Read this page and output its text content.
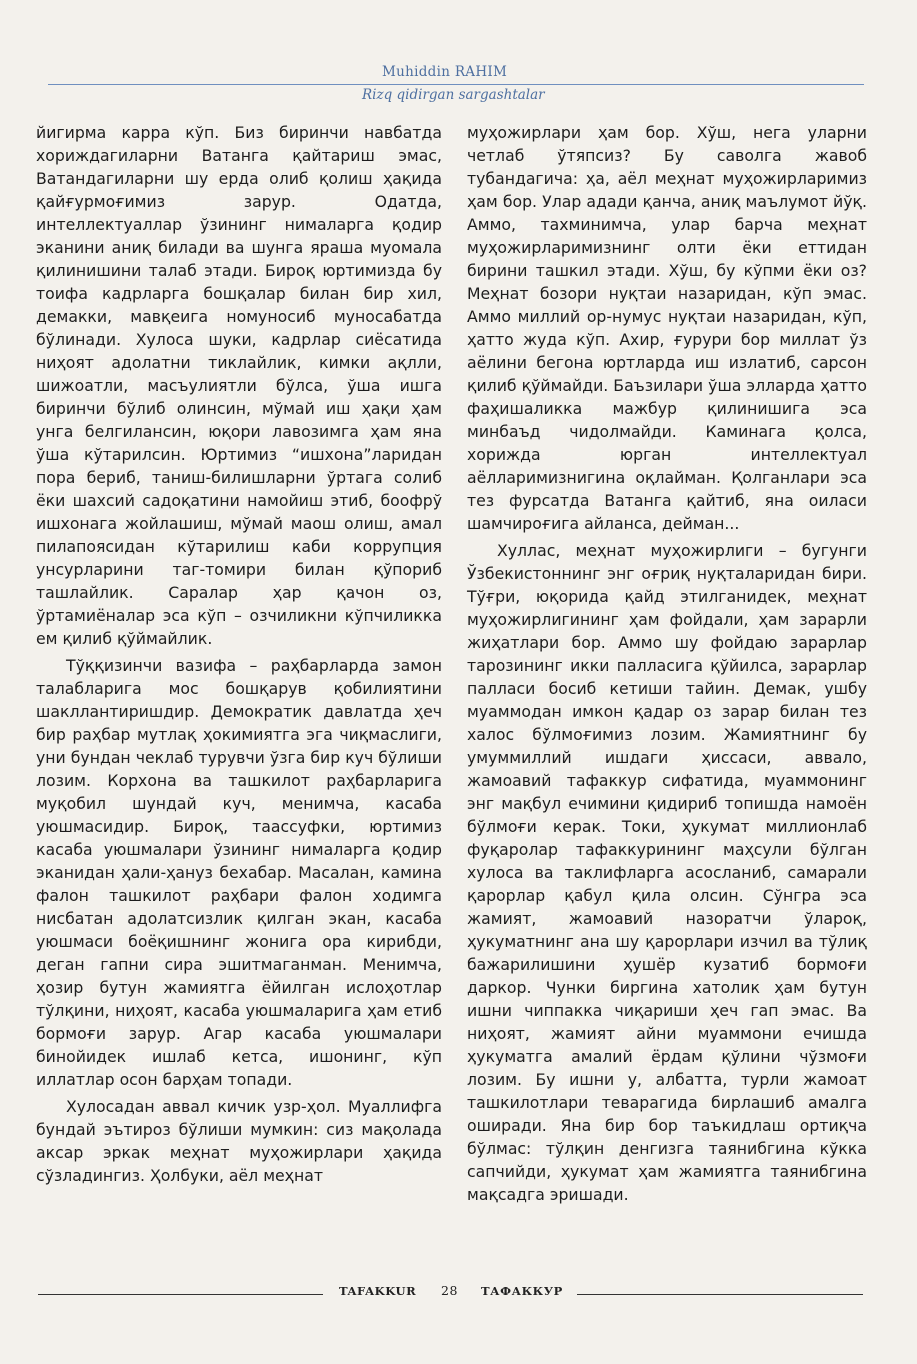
Muhiddin RAHIM
Rizq qidirgan sargashtalar

йигирма карра кўп. Биз биринчи навбатда хориждагиларни Ватанга қайтариш эмас, Ватандагиларни шу ерда олиб қолиш ҳақида қайғурмоғимиз зарур. Одатда, интеллектуаллар ўзининг нималарга қодир эканини аниқ билади ва шунга яраша муомала қилинишини талаб этади. Бироқ юртимизда бу тоифа кадрларга бошқалар билан бир хил, демакки, мавқеига номуносиб муносабатда бўлинади. Хулоса шуки, кадрлар сиёсатида ниҳоят адолатни тиклайлик, кимки ақлли, шижоатли, масъулиятли бўлса, ўша ишга биринчи бўлиб олинсин, мўмай иш ҳақи ҳам унга белгилансин, юқори лавозимга ҳам яна ўша кўтарилсин. Юртимиз “ишхона”ларидан пора бериб, таниш-билишларни ўртага солиб ёки шахсий садоқатини намойиш этиб, боофрў ишхонага жойлашиш, мўмай маош олиш, амал пилапоясидан кўтарилиш каби коррупция унсурларини таг-томири билан қўпориб ташлайлик. Саралар ҳар қачон оз, ўртамиёналар эса кўп – озчиликни кўпчиликка ем қилиб қўймайлик.

Тўққизинчи вазифа – раҳбарларда замон талабларига мос бошқарув қобилиятини шакллантиришдир. Демократик давлатда ҳеч бир раҳбар мутлақ ҳокимиятга эга чиқмаслиги, уни бундан чеклаб турувчи ўзга бир куч бўлиши лозим. Корхона ва ташкилот раҳбарларига муқобил шундай куч, менимча, касаба уюшмасидир. Бироқ, таассуфки, юртимиз касаба уюшмалари ўзининг нималарга қодир эканидан ҳали-ҳануз бехабар. Масалан, камина фалон ташкилот раҳбари фалон ходимга нисбатан адолатсизлик қилган экан, касаба уюшмаси боёқишнинг жонига ора кирибди, деган гапни сира эшитмаганман. Менимча, ҳозир бутун жамиятга ёйилган ислоҳотлар тўлқини, ниҳоят, касаба уюшмаларига ҳам етиб бормоғи зарур. Агар касаба уюшмалари бинойидек ишлаб кетса, ишонинг, кўп иллатлар осон барҳам топади.

Хулосадан аввал кичик узр-ҳол. Муаллифга бундай эътироз бўлиши мумкин: сиз мақолада аксар эркак меҳнат муҳожирлари ҳақида сўзладингиз. Ҳолбуки, аёл меҳнат

муҳожирлари ҳам бор. Хўш, нега уларни четлаб ўтяпсиз? Бу саволга жавоб тубандагича: ҳа, аёл меҳнат муҳожирларимиз ҳам бор. Улар адади қанча, аниқ маълумот йўқ. Аммо, тахминимча, улар барча меҳнат муҳожирларимизнинг олти ёки еттидан бирини ташкил этади. Хўш, бу кўпми ёки оз? Меҳнат бозори нуқтаи назаридан, кўп эмас. Аммо миллий ор-нумус нуқтаи назаридан, кўп, ҳатто жуда кўп. Ахир, ғурури бор миллат ўз аёлини бегона юртларда иш излатиб, сарсон қилиб қўймайди. Баъзилари ўша элларда ҳатто фаҳишаликка мажбур қилинишига эса минбаъд чидолмайди. Каминага қолса, хорижда юрган интеллектуал аёлларимизнигина оқлайман. Қолганлари эса тез фурсатда Ватанга қайтиб, яна оиласи шамчироғига айланса, дейман...

Хуллас, меҳнат муҳожирлиги – бугунги Ўзбекистоннинг энг оғриқ нуқталаридан бири. Тўғри, юқорида қайд этилганидек, меҳнат муҳожирлигининг ҳам фойдали, ҳам зарарли жиҳатлари бор. Аммо шу фойдаю зарарлар тарозининг икки палласига қўйилса, зарарлар палласи босиб кетиши тайин. Демак, ушбу муаммодан имкон қадар оз зарар билан тез халос бўлмоғимиз лозим. Жамиятнинг бу умуммиллий ишдаги ҳиссаси, аввало, жамоавий тафаккур сифатида, муаммонинг энг мақбул ечимини қидириб топишда намоён бўлмоғи керак. Токи, ҳукумат миллионлаб фуқаролар тафаккурининг маҳсули бўлган хулоса ва таклифларга асосланиб, самарали қарорлар қабул қила олсин. Сўнгра эса жамият, жамоавий назоратчи ўлароқ, ҳукуматнинг ана шу қарорлари изчил ва тўлиқ бажарилишини ҳушёр кузатиб бормоғи даркор. Чунки биргина хатолик ҳам бутун ишни чиппакка чиқариши ҳеч гап эмас. Ва ниҳоят, жамият айни муаммони ечишда ҳукуматга амалий ёрдам қўлини чўзмоғи лозим. Бу ишни у, албатта, турли жамоат ташкилотлари теварагида бирлашиб амалга оширади. Яна бир бор таъкидлаш ортиқча бўлмас: тўлқин денгизга таянибгина кўкка сапчийди, ҳукумат ҳам жамиятга таянибгина мақсадга эришади.

TAFAKKUR 28 ТАФАККУР
